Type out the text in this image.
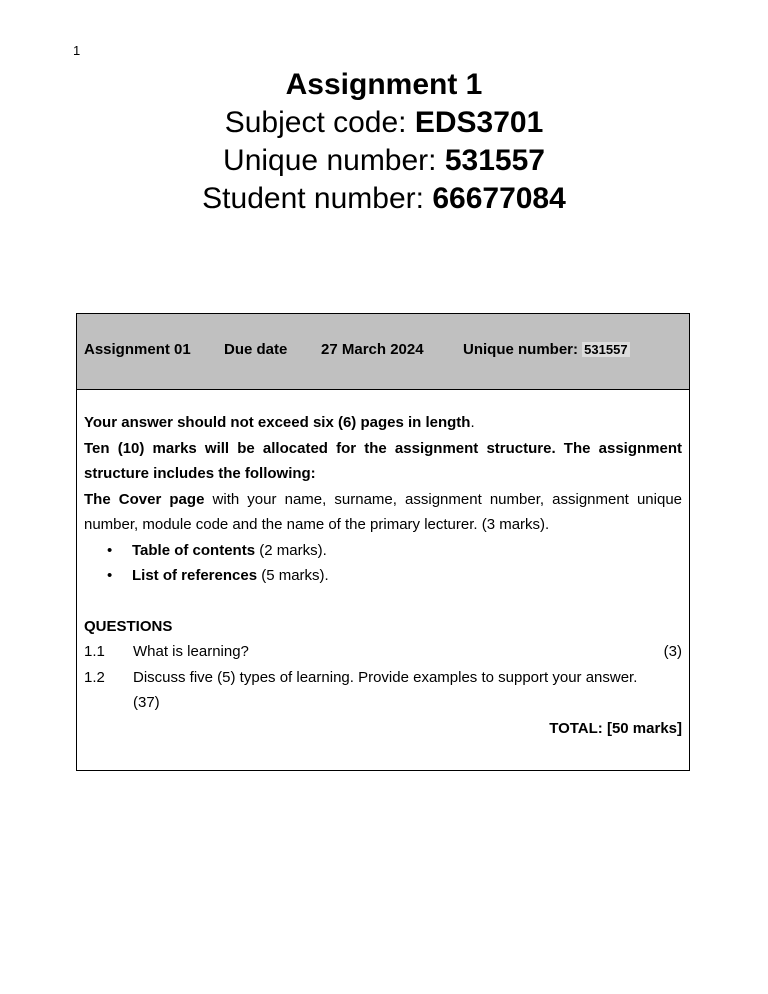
1

Assignment 1

Subject code: EDS3701

Unique number: 531557

Student number: 66677084

Assignment 01 Due date 27 March 2024	Unique number: 531557

Your answer should not exceed six (6) pages in length.

Ten (10) marks will be allocated for the assignment structure. The assignment structure includes the following:

The Cover page with your name, surname, assignment number, assignment unique number, module code and the name of the primary lecturer. (3 marks).

• Table of contents (2 marks).
• List of references (5 marks).

QUESTIONS

1.1	What is learning?	(3)
1.2	Discuss five (5) types of learning. Provide examples to support your answer.

(37)

TOTAL: [50 marks]
